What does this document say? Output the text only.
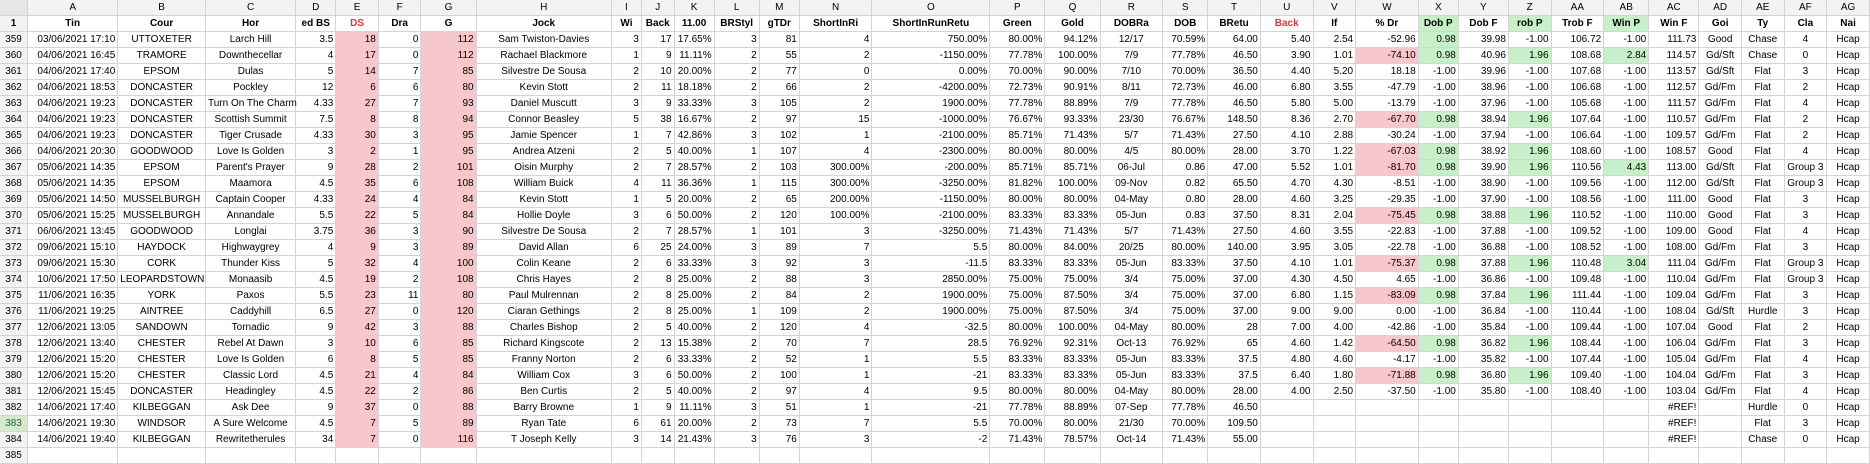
	A	B	C	D	E	F	G	H	I	J	K	L	M	N	O	P	Q	R	S	T	U	V	W	X	Y	Z	AA	AB	AC	AD	AE	AF	AG
1	Tin	Cour	Hor	ed BS	DS	Dra	G	Jock	Wi	Back	11.00	BRStyl	gTDr	ShortInRi	ShortInRunRetu	Green	Gold	DOBRa	DOB	BRetu	Back	If	% Dr	Dob P	Dob F	rob P	Trob F	Win P	Win F	Goi	Ty	Cla	Nai
359	03/06/2021 17:10	UTTOXETER	Larch Hill	3.5	18	0	112	Sam Twiston-Davies	3	17	17.65%	3	81	4	750.00%	80.00%	94.12%	12/17	70.59%	64.00	5.40	2.54	-52.96	0.98	39.98	-1.00	106.72	-1.00	111.73	Good	Chase	4	Hcap
360	04/06/2021 16:45	TRAMORE	Downthecellar	4	17	0	112	Rachael Blackmore	1	9	11.11%	2	55	2	-1150.00%	77.78%	100.00%	7/9	77.78%	46.50	3.90	1.01	-74.10	0.98	40.96	1.96	108.68	2.84	114.57	Gd/Sft	Chase	0	Hcap
361	04/06/2021 17:40	EPSOM	Dulas	5	14	7	85	Silvestre De Sousa	2	10	20.00%	2	77	0	0.00%	70.00%	90.00%	7/10	70.00%	36.50	4.40	5.20	18.18	-1.00	39.96	-1.00	107.68	-1.00	113.57	Gd/Sft	Flat	3	Hcap
362	04/06/2021 18:53	DONCASTER	Pockley	12	6	6	80	Kevin Stott	2	11	18.18%	2	66	2	-4200.00%	72.73%	90.91%	8/11	72.73%	46.00	6.80	3.55	-47.79	-1.00	38.96	-1.00	106.68	-1.00	112.57	Gd/Fm	Flat	2	Hcap
363	04/06/2021 19:23	DONCASTER	Turn On The Charm	4.33	27	7	93	Daniel Muscutt	3	9	33.33%	3	105	2	1900.00%	77.78%	88.89%	7/9	77.78%	46.50	5.80	5.00	-13.79	-1.00	37.96	-1.00	105.68	-1.00	111.57	Gd/Fm	Flat	4	Hcap
364	04/06/2021 19:23	DONCASTER	Scottish Summit	7.5	8	8	94	Connor Beasley	5	38	16.67%	2	97	15	-1000.00%	76.67%	93.33%	23/30	76.67%	148.50	8.36	2.70	-67.70	0.98	38.94	1.96	107.64	-1.00	110.57	Gd/Fm	Flat	2	Hcap
365	04/06/2021 19:23	DONCASTER	Tiger Crusade	4.33	30	3	95	Jamie Spencer	1	7	42.86%	3	102	1	-2100.00%	85.71%	71.43%	5/7	71.43%	27.50	4.10	2.88	-30.24	-1.00	37.94	-1.00	106.64	-1.00	109.57	Gd/Fm	Flat	2	Hcap
366	04/06/2021 20:30	GOODWOOD	Love Is Golden	3	2	1	95	Andrea Atzeni	2	5	40.00%	1	107	4	-2300.00%	80.00%	80.00%	4/5	80.00%	28.00	3.70	1.22	-67.03	0.98	38.92	1.96	108.60	-1.00	108.57	Good	Flat	4	Hcap
367	05/06/2021 14:35	EPSOM	Parent's Prayer	9	28	2	101	Oisin Murphy	2	7	28.57%	2	103	300.00%	-200.00%	85.71%	85.71%	06-Jul	0.86	47.00	5.52	1.01	-81.70	0.98	39.90	1.96	110.56	4.43	113.00	Gd/Sft	Flat	Group 3	Hcap
368	05/06/2021 14:35	EPSOM	Maamora	4.5	35	6	108	William Buick	4	11	36.36%	1	115	300.00%	-3250.00%	81.82%	100.00%	09-Nov	0.82	65.50	4.70	4.30	-8.51	-1.00	38.90	-1.00	109.56	-1.00	112.00	Gd/Sft	Flat	Group 3	Hcap
369	05/06/2021 14:50	MUSSELBURGH	Captain Cooper	4.33	24	4	84	Kevin Stott	1	5	20.00%	2	65	200.00%	-1150.00%	80.00%	80.00%	04-May	0.80	28.00	4.60	3.25	-29.35	-1.00	37.90	-1.00	108.56	-1.00	111.00	Good	Flat	3	Hcap
370	05/06/2021 15:25	MUSSELBURGH	Annandale	5.5	22	5	84	Hollie Doyle	3	6	50.00%	2	120	100.00%	-2100.00%	83.33%	83.33%	05-Jun	0.83	37.50	8.31	2.04	-75.45	0.98	38.88	1.96	110.52	-1.00	110.00	Good	Flat	3	Hcap
371	06/06/2021 13:45	GOODWOOD	Longlai	3.75	36	3	90	Silvestre De Sousa	2	7	28.57%	1	101	3	-3250.00%	71.43%	71.43%	5/7	71.43%	27.50	4.60	3.55	-22.83	-1.00	37.88	-1.00	109.52	-1.00	109.00	Good	Flat	4	Hcap
372	09/06/2021 15:10	HAYDOCK	Highwaygrey	4	9	3	89	David Allan	6	25	24.00%	3	89	7	5.5	80.00%	84.00%	20/25	80.00%	140.00	3.95	3.05	-22.78	-1.00	36.88	-1.00	108.52	-1.00	108.00	Gd/Fm	Flat	3	Hcap
373	09/06/2021 15:30	CORK	Thunder Kiss	5	32	4	100	Colin Keane	2	6	33.33%	3	92	3	-11.5	83.33%	83.33%	05-Jun	83.33%	37.50	4.10	1.01	-75.37	0.98	37.88	1.96	110.48	3.04	111.04	Gd/Fm	Flat	Group 3	Hcap
374	10/06/2021 17:50	LEOPARDSTOWN	Monaasib	4.5	19	2	108	Chris Hayes	2	8	25.00%	2	88	3	2850.00%	75.00%	75.00%	3/4	75.00%	37.00	4.30	4.50	4.65	-1.00	36.86	-1.00	109.48	-1.00	110.04	Gd/Fm	Flat	Group 3	Hcap
375	11/06/2021 16:35	YORK	Paxos	5.5	23	11	80	Paul Mulrennan	2	8	25.00%	2	84	2	1900.00%	75.00%	87.50%	3/4	75.00%	37.00	6.80	1.15	-83.09	0.98	37.84	1.96	111.44	-1.00	109.04	Gd/Fm	Flat	3	Hcap
376	11/06/2021 19:25	AINTREE	Caddyhill	6.5	27	0	120	Ciaran Gethings	2	8	25.00%	1	109	2	1900.00%	75.00%	87.50%	3/4	75.00%	37.00	9.00	9.00	0.00	-1.00	36.84	-1.00	110.44	-1.00	108.04	Gd/Sft	Hurdle	3	Hcap
377	12/06/2021 13:05	SANDOWN	Tornadic	9	42	3	88	Charles Bishop	2	5	40.00%	2	120	4	-32.5	80.00%	100.00%	04-May	80.00%	28	7.00	4.00	-42.86	-1.00	35.84	-1.00	109.44	-1.00	107.04	Good	Flat	2	Hcap
378	12/06/2021 13:40	CHESTER	Rebel At Dawn	3	10	6	85	Richard Kingscote	2	13	15.38%	2	70	7	28.5	76.92%	92.31%	Oct-13	76.92%	65	4.60	1.42	-64.50	0.98	36.82	1.96	108.44	-1.00	106.04	Gd/Fm	Flat	3	Hcap
379	12/06/2021 15:20	CHESTER	Love Is Golden	6	8	5	85	Franny Norton	2	6	33.33%	2	52	1	5.5	83.33%	83.33%	05-Jun	83.33%	37.5	4.80	4.60	-4.17	-1.00	35.82	-1.00	107.44	-1.00	105.04	Gd/Fm	Flat	4	Hcap
380	12/06/2021 15:20	CHESTER	Classic Lord	4.5	21	4	84	William Cox	3	6	50.00%	2	100	1	-21	83.33%	83.33%	05-Jun	83.33%	37.5	6.40	1.80	-71.88	0.98	36.80	1.96	109.40	-1.00	104.04	Gd/Fm	Flat	3	Hcap
381	12/06/2021 15:45	DONCASTER	Headingley	4.5	22	2	86	Ben Curtis	2	5	40.00%	2	97	4	9.5	80.00%	80.00%	04-May	80.00%	28.00	4.00	2.50	-37.50	-1.00	35.80	-1.00	108.40	-1.00	103.04	Gd/Fm	Flat	4	Hcap
382	14/06/2021 17:40	KILBEGGAN	Ask Dee	9	37	0	88	Barry Browne	1	9	11.11%	3	51	1	-21	77.78%	88.89%	07-Sep	77.78%	46.50									#REF!		Hurdle	0	Hcap
383	14/06/2021 19:30	WINDSOR	A Sure Welcome	4.5	7	5	89	Ryan Tate	6	61	20.00%	2	73	7	5.5	70.00%	80.00%	21/30	70.00%	109.50									#REF!		Flat	3	Hcap
384	14/06/2021 19:40	KILBEGGAN	Rewritetherules	34	7	0	116	T Joseph Kelly	3	14	21.43%	3	76	3	-2	71.43%	78.57%	Oct-14	71.43%	55.00									#REF!		Chase	0	Hcap
385																																	
